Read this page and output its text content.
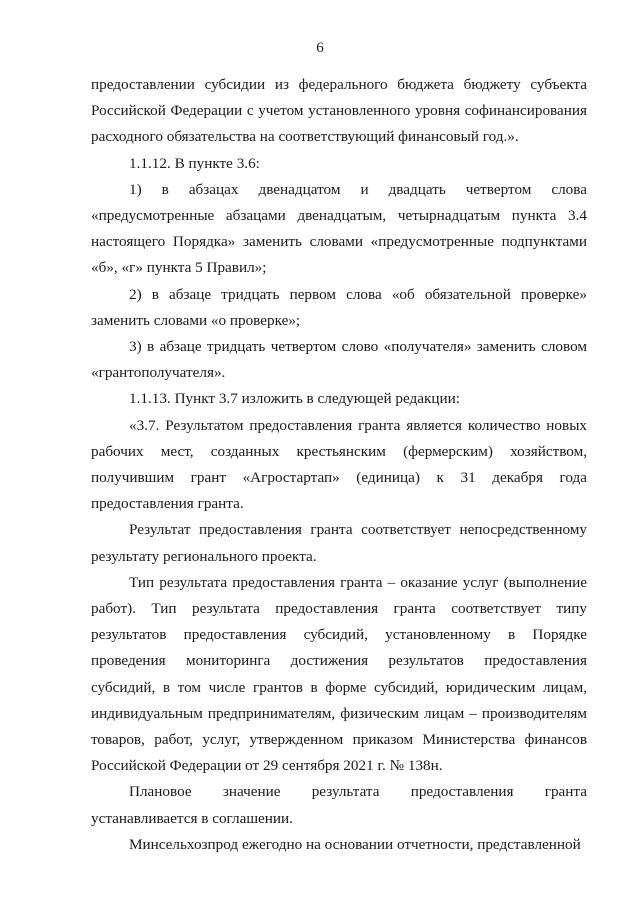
6

предоставлении субсидии из федерального бюджета бюджету субъекта Российской Федерации с учетом установленного уровня софинансирования расходного обязательства на соответствующий финансовый год.».

1.1.12. В пункте 3.6:

1) в абзацах двенадцатом и двадцать четвертом слова «предусмотренные абзацами двенадцатым, четырнадцатым пункта 3.4 настоящего Порядка» заменить словами «предусмотренные подпунктами «б», «г» пункта 5 Правил»;

2) в абзаце тридцать первом слова «об обязательной проверке» заменить словами «о проверке»;

3) в абзаце тридцать четвертом слово «получателя» заменить словом «грантополучателя».

1.1.13. Пункт 3.7 изложить в следующей редакции:

«3.7. Результатом предоставления гранта является количество новых рабочих мест, созданных крестьянским (фермерским) хозяйством, получившим грант «Агростартап» (единица) к 31 декабря года предоставления гранта.

Результат предоставления гранта соответствует непосредственному результату регионального проекта.

Тип результата предоставления гранта – оказание услуг (выполнение работ). Тип результата предоставления гранта соответствует типу результатов предоставления субсидий, установленному в Порядке проведения мониторинга достижения результатов предоставления субсидий, в том числе грантов в форме субсидий, юридическим лицам, индивидуальным предпринимателям, физическим лицам – производителям товаров, работ, услуг, утвержденном приказом Министерства финансов Российской Федерации от 29 сентября 2021 г. № 138н.

Плановое значение результата предоставления гранта устанавливается в соглашении.

Минсельхозпрод ежегодно на основании отчетности, представленной
